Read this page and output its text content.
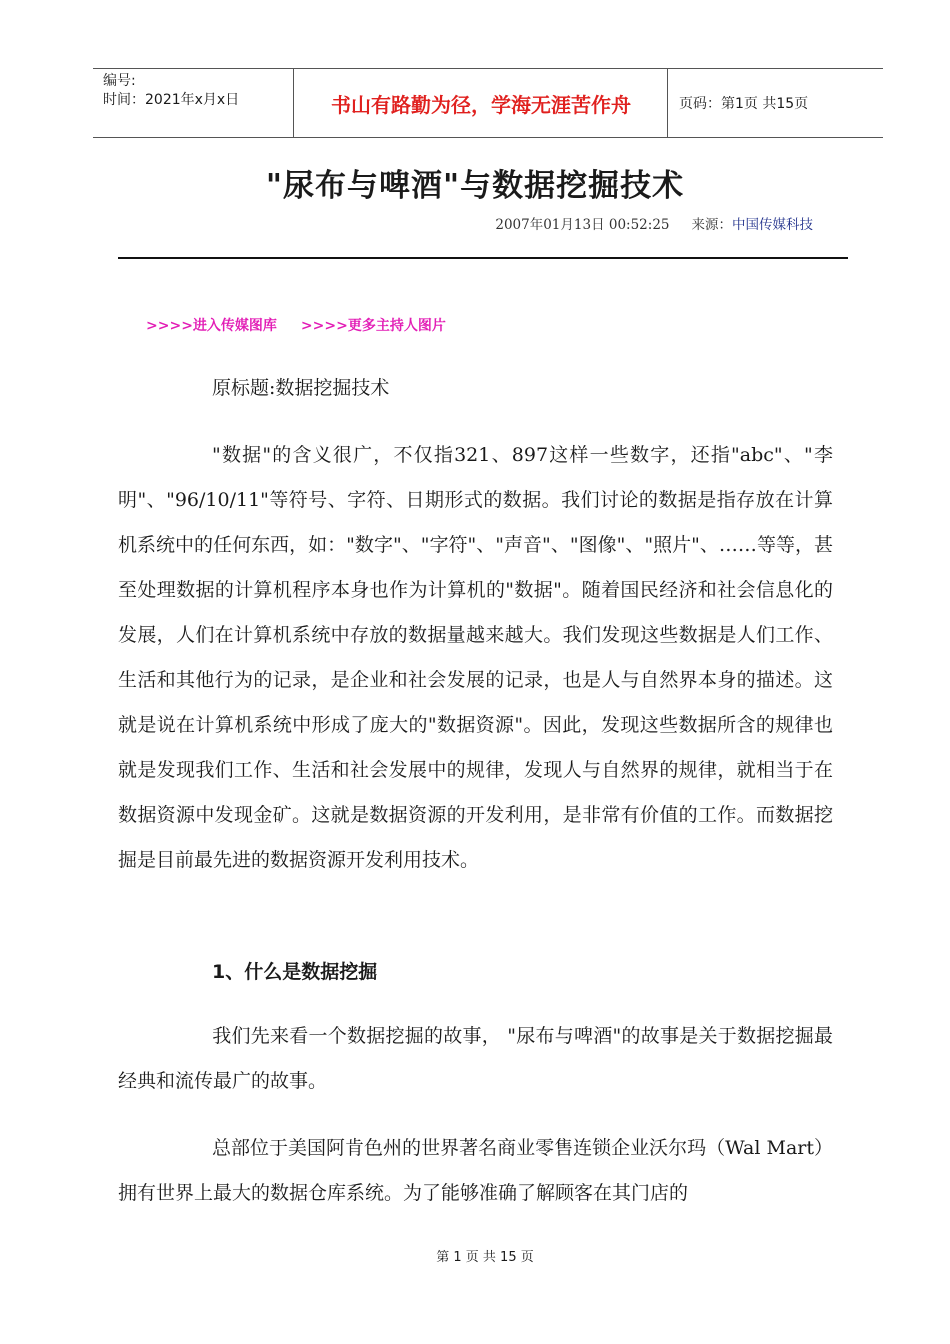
编号:
时间：2021年x月x日	书山有路勤为径，学海无涯苦作舟	页码：第1页 共15页
"尿布与啤酒"与数据挖掘技术
2007年01月13日 00:52:25 来源：中国传媒科技
>>>>进入传媒图库 >>>>更多主持人图片
原标题:数据挖掘技术
"数据"的含义很广，不仅指321、897这样一些数字，还指"abc"、"李明"、"96/10/11"等符号、字符、日期形式的数据。我们讨论的数据是指存放在计算机系统中的任何东西，如："数字"、"字符"、"声音"、"图像"、"照片"、……等等，甚至处理数据的计算机程序本身也作为计算机的"数据"。随着国民经济和社会信息化的发展，人们在计算机系统中存放的数据量越来越大。我们发现这些数据是人们工作、生活和其他行为的记录，是企业和社会发展的记录，也是人与自然界本身的描述。这就是说在计算机系统中形成了庞大的"数据资源"。因此，发现这些数据所含的规律也就是发现我们工作、生活和社会发展中的规律，发现人与自然界的规律，就相当于在数据资源中发现金矿。这就是数据资源的开发利用，是非常有价值的工作。而数据挖掘是目前最先进的数据资源开发利用技术。
1、什么是数据挖掘
我们先来看一个数据挖掘的故事， "尿布与啤酒"的故事是关于数据挖掘最经典和流传最广的故事。
总部位于美国阿肯色州的世界著名商业零售连锁企业沃尔玛（Wal Mart）拥有世界上最大的数据仓库系统。为了能够准确了解顾客在其门店的
第 1 页 共 15 页
